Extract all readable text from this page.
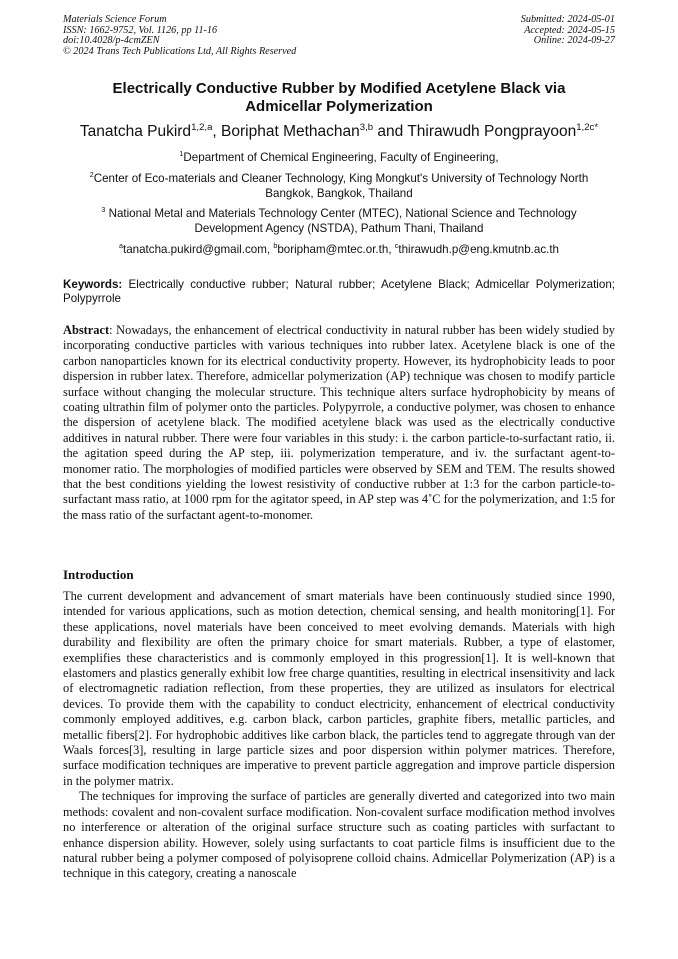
Materials Science Forum
ISSN: 1662-9752, Vol. 1126, pp 11-16
doi:10.4028/p-4cmZEN
© 2024 Trans Tech Publications Ltd, All Rights Reserved
Submitted: 2024-05-01
Accepted: 2024-05-15
Online: 2024-09-27
Electrically Conductive Rubber by Modified Acetylene Black via
Admicellar Polymerization
Tanatcha Pukird$^{1,2,a}$, Boriphat Methachan$^{3,b}$ and Thirawudh Pongprayoon$^{1,2c*}$
$^1$Department of Chemical Engineering, Faculty of Engineering,
$^2$Center of Eco-materials and Cleaner Technology, King Mongkut's University of Technology North
Bangkok, Bangkok, Thailand
$^3$ National Metal and Materials Technology Center (MTEC), National Science and Technology
Development Agency (NSTDA), Pathum Thani, Thailand
$^a$tanatcha.pukird@gmail.com, $^b$boripham@mtec.or.th, $^c$thirawudh.p@eng.kmutnb.ac.th
Keywords: Electrically conductive rubber; Natural rubber; Acetylene Black; Admicellar Polymerization; Polypyrrole
Abstract: Nowadays, the enhancement of electrical conductivity in natural rubber has been widely studied by incorporating conductive particles with various techniques into rubber latex. Acetylene black is one of the carbon nanoparticles known for its electrical conductivity property. However, its hydrophobicity leads to poor dispersion in rubber latex. Therefore, admicellar polymerization (AP) technique was chosen to modify particle surface without changing the molecular structure. This technique alters surface hydrophobicity by means of coating ultrathin film of polymer onto the particles. Polypyrrole, a conductive polymer, was chosen to enhance the dispersion of acetylene black. The modified acetylene black was used as the electrically conductive additives in natural rubber. There were four variables in this study: i. the carbon particle-to-surfactant ratio, ii. the agitation speed during the AP step, iii. polymerization temperature, and iv. the surfactant agent-to-monomer ratio. The morphologies of modified particles were observed by SEM and TEM. The results showed that the best conditions yielding the lowest resistivity of conductive rubber at 1:3 for the carbon particle-to-surfactant mass ratio, at 1000 rpm for the agitator speed, in AP step was 4˚C for the polymerization, and 1:5 for the mass ratio of the surfactant agent-to-monomer.
Introduction

The current development and advancement of smart materials have been continuously studied since 1990, intended for various applications, such as motion detection, chemical sensing, and health monitoring[1]. For these applications, novel materials have been conceived to meet evolving demands. Materials with high durability and flexibility are often the primary choice for smart materials. Rubber, a type of elastomer, exemplifies these characteristics and is commonly employed in this progression[1]. It is well-known that elastomers and plastics generally exhibit low free charge quantities, resulting in electrical insensitivity and lack of electromagnetic radiation reflection, from these properties, they are utilized as insulators for electrical devices. To provide them with the capability to conduct electricity, enhancement of electrical conductivity commonly employed additives, e.g. carbon black, carbon particles, graphite fibers, metallic particles, and metallic fibers[2]. For hydrophobic additives like carbon black, the particles tend to aggregate through van der Waals forces[3], resulting in large particle sizes and poor dispersion within polymer matrices. Therefore, surface modification techniques are imperative to prevent particle aggregation and improve particle dispersion in the polymer matrix.

The techniques for improving the surface of particles are generally diverted and categorized into two main methods: covalent and non-covalent surface modification. Non-covalent surface modification method involves no interference or alteration of the original surface structure such as coating particles with surfactant to enhance dispersion ability. However, solely using surfactants to coat particle films is insufficient due to the natural rubber being a polymer composed of polyisoprene colloid chains. Admicellar Polymerization (AP) is a technique in this category, creating a nanoscale
